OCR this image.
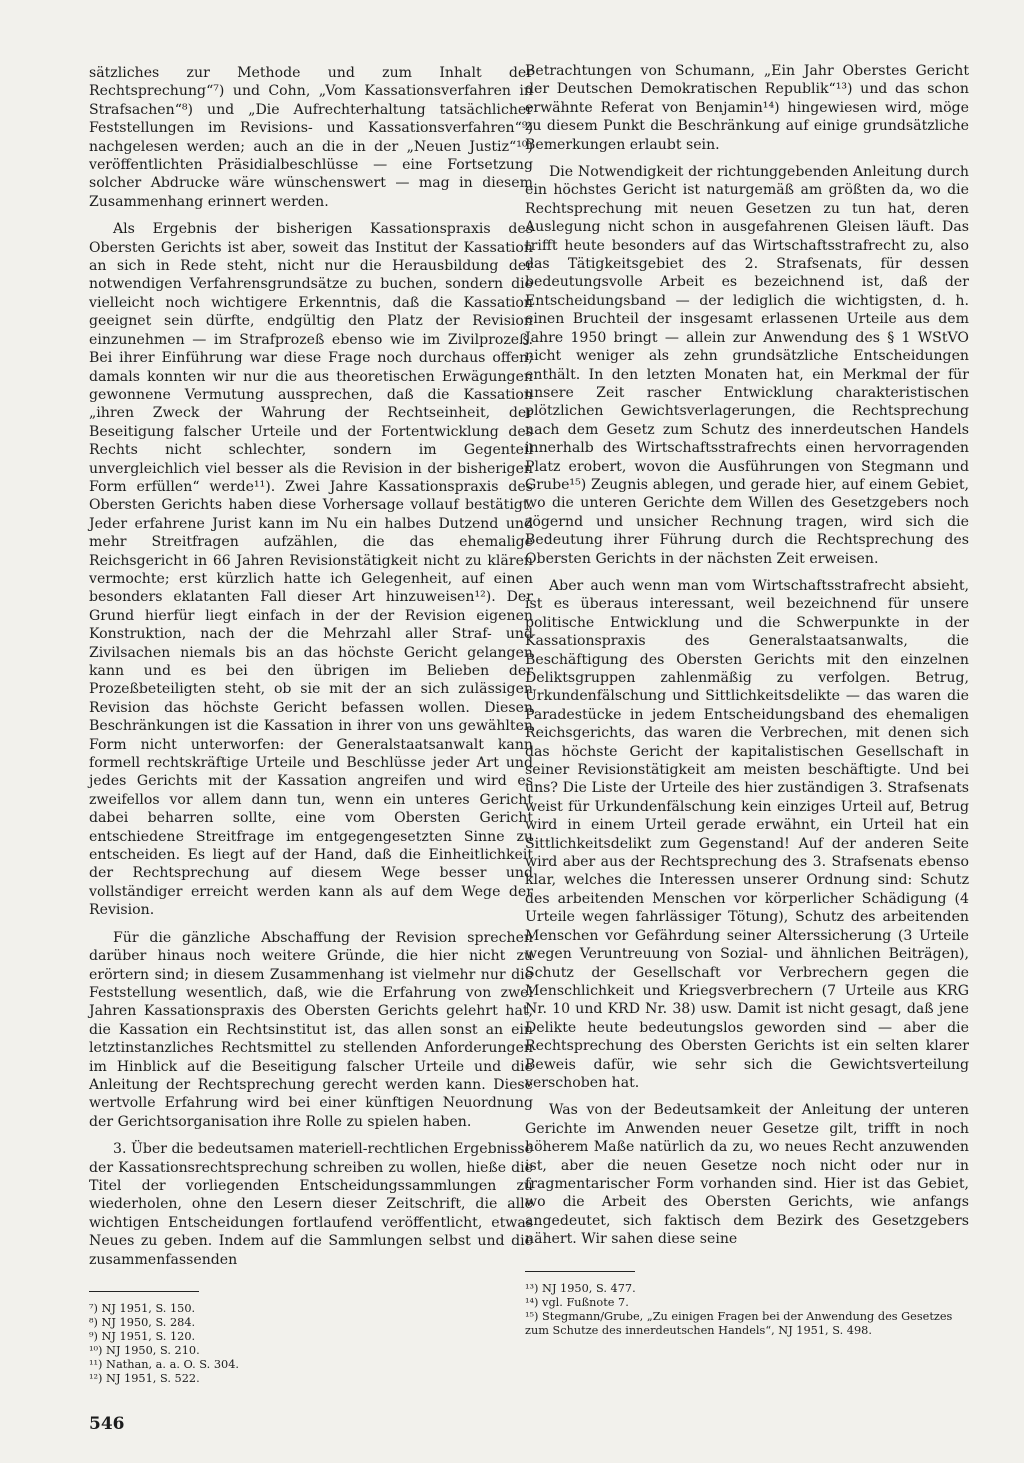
sätzliches zur Methode und zum Inhalt der Rechtsprechung“⁷) und Cohn, „Vom Kassationsverfahren in Strafsachen“⁸) und „Die Aufrechterhaltung tatsächlicher Feststellungen im Revisions- und Kassationsverfahren“⁹) nachgelesen werden; auch an die in der „Neuen Justiz“¹⁰) veröffentlichten Präsidialbeschlüsse — eine Fortsetzung solcher Abdrucke wäre wünschenswert — mag in diesem Zusammenhang erinnert werden.

Als Ergebnis der bisherigen Kassationspraxis des Obersten Gerichts ist aber, soweit das Institut der Kassation an sich in Rede steht, nicht nur die Herausbildung der notwendigen Verfahrensgrundsätze zu buchen, sondern die vielleicht noch wichtigere Erkenntnis, daß die Kassation geeignet sein dürfte, endgültig den Platz der Revision einzunehmen — im Strafprozeß ebenso wie im Zivilprozeß. Bei ihrer Einführung war diese Frage noch durchaus offen; damals konnten wir nur die aus theoretischen Erwägungen gewonnene Vermutung aussprechen, daß die Kassation „ihren Zweck der Wahrung der Rechtseinheit, der Beseitigung falscher Urteile und der Fortentwicklung des Rechts nicht schlechter, sondern im Gegenteil unvergleichlich viel besser als die Revision in der bisherigen Form erfüllen“ werde¹¹). Zwei Jahre Kassationspraxis des Obersten Gerichts haben diese Vorhersage vollauf bestätigt. Jeder erfahrene Jurist kann im Nu ein halbes Dutzend und mehr Streitfragen aufzählen, die das ehemalige Reichsgericht in 66 Jahren Revisionstätigkeit nicht zu klären vermochte; erst kürzlich hatte ich Gelegenheit, auf einen besonders eklatanten Fall dieser Art hinzuweisen¹²). Der Grund hierfür liegt einfach in der der Revision eigenen Konstruktion, nach der die Mehrzahl aller Straf- und Zivilsachen niemals bis an das höchste Gericht gelangen kann und es bei den übrigen im Belieben der Prozeßbeteiligten steht, ob sie mit der an sich zulässigen Revision das höchste Gericht befassen wollen. Diesen Beschränkungen ist die Kassation in ihrer von uns gewählten Form nicht unterworfen: der Generalstaatsanwalt kann formell rechtskräftige Urteile und Beschlüsse jeder Art und jedes Gerichts mit der Kassation angreifen und wird es zweifellos vor allem dann tun, wenn ein unteres Gericht dabei beharren sollte, eine vom Obersten Gericht entschiedene Streitfrage im entgegengesetzten Sinne zu entscheiden. Es liegt auf der Hand, daß die Einheitlichkeit der Rechtsprechung auf diesem Wege besser und vollständiger erreicht werden kann als auf dem Wege der Revision.

Für die gänzliche Abschaffung der Revision sprechen darüber hinaus noch weitere Gründe, die hier nicht zu erörtern sind; in diesem Zusammenhang ist vielmehr nur die Feststellung wesentlich, daß, wie die Erfahrung von zwei Jahren Kassationspraxis des Obersten Gerichts gelehrt hat, die Kassation ein Rechtsinstitut ist, das allen sonst an ein letztinstanzliches Rechtsmittel zu stellenden Anforderungen im Hinblick auf die Beseitigung falscher Urteile und die Anleitung der Rechtsprechung gerecht werden kann. Diese wertvolle Erfahrung wird bei einer künftigen Neuordnung der Gerichtsorganisation ihre Rolle zu spielen haben.

3. Über die bedeutsamen materiell-rechtlichen Ergebnisse der Kassationsrechtsprechung schreiben zu wollen, hieße die Titel der vorliegenden Entscheidungssammlungen zu wiederholen, ohne den Lesern dieser Zeitschrift, die alle wichtigen Entscheidungen fortlaufend veröffentlicht, etwas Neues zu geben. Indem auf die Sammlungen selbst und die zusammenfassenden

⁷) NJ 1951, S. 150.
⁸) NJ 1950, S. 284.
⁹) NJ 1951, S. 120.
¹⁰) NJ 1950, S. 210.
¹¹) Nathan, a. a. O. S. 304.
¹²) NJ 1951, S. 522.

Betrachtungen von Schumann, „Ein Jahr Oberstes Gericht der Deutschen Demokratischen Republik“¹³) und das schon erwähnte Referat von Benjamin¹⁴) hingewiesen wird, möge zu diesem Punkt die Beschränkung auf einige grundsätzliche Bemerkungen erlaubt sein.

Die Notwendigkeit der richtunggebenden Anleitung durch ein höchstes Gericht ist naturgemäß am größten da, wo die Rechtsprechung mit neuen Gesetzen zu tun hat, deren Auslegung nicht schon in ausgefahrenen Gleisen läuft. Das trifft heute besonders auf das Wirtschaftsstrafrecht zu, also das Tätigkeitsgebiet des 2. Strafsenats, für dessen bedeutungsvolle Arbeit es bezeichnend ist, daß der Entscheidungsband — der lediglich die wichtigsten, d. h. einen Bruchteil der insgesamt erlassenen Urteile aus dem Jahre 1950 bringt — allein zur Anwendung des § 1 WStVO nicht weniger als zehn grundsätzliche Entscheidungen enthält. In den letzten Monaten hat, ein Merkmal der für unsere Zeit rascher Entwicklung charakteristischen plötzlichen Gewichtsverlagerungen, die Rechtsprechung nach dem Gesetz zum Schutz des innerdeutschen Handels innerhalb des Wirtschaftsstrafrechts einen hervorragenden Platz erobert, wovon die Ausführungen von Stegmann und Grube¹⁵) Zeugnis ablegen, und gerade hier, auf einem Gebiet, wo die unteren Gerichte dem Willen des Gesetzgebers noch zögernd und unsicher Rechnung tragen, wird sich die Bedeutung ihrer Führung durch die Rechtsprechung des Obersten Gerichts in der nächsten Zeit erweisen.

Aber auch wenn man vom Wirtschaftsstrafrecht absieht, ist es überaus interessant, weil bezeichnend für unsere politische Entwicklung und die Schwerpunkte in der Kassationspraxis des Generalstaatsanwalts, die Beschäftigung des Obersten Gerichts mit den einzelnen Deliktsgruppen zahlenmäßig zu verfolgen. Betrug, Urkundenfälschung und Sittlichkeitsdelikte — das waren die Paradestücke in jedem Entscheidungsband des ehemaligen Reichsgerichts, das waren die Verbrechen, mit denen sich das höchste Gericht der kapitalistischen Gesellschaft in seiner Revisionstätigkeit am meisten beschäftigte. Und bei uns? Die Liste der Urteile des hier zuständigen 3. Strafsenats weist für Urkundenfälschung kein einziges Urteil auf, Betrug wird in einem Urteil gerade erwähnt, ein Urteil hat ein Sittlichkeitsdelikt zum Gegenstand! Auf der anderen Seite wird aber aus der Rechtsprechung des 3. Strafsenats ebenso klar, welches die Interessen unserer Ordnung sind: Schutz des arbeitenden Menschen vor körperlicher Schädigung (4 Urteile wegen fahrlässiger Tötung), Schutz des arbeitenden Menschen vor Gefährdung seiner Alterssicherung (3 Urteile wegen Veruntreuung von Sozial- und ähnlichen Beiträgen), Schutz der Gesellschaft vor Verbrechern gegen die Menschlichkeit und Kriegsverbrechern (7 Urteile aus KRG Nr. 10 und KRD Nr. 38) usw. Damit ist nicht gesagt, daß jene Delikte heute bedeutungslos geworden sind — aber die Rechtsprechung des Obersten Gerichts ist ein selten klarer Beweis dafür, wie sehr sich die Gewichtsverteilung verschoben hat.

Was von der Bedeutsamkeit der Anleitung der unteren Gerichte im Anwenden neuer Gesetze gilt, trifft in noch höherem Maße natürlich da zu, wo neues Recht anzuwenden ist, aber die neuen Gesetze noch nicht oder nur in fragmentarischer Form vorhanden sind. Hier ist das Gebiet, wo die Arbeit des Obersten Gerichts, wie anfangs angedeutet, sich faktisch dem Bezirk des Gesetzgebers nähert. Wir sahen diese seine

¹³) NJ 1950, S. 477.
¹⁴) vgl. Fußnote 7.
¹⁵) Stegmann/Grube, „Zu einigen Fragen bei der Anwendung des Gesetzes zum Schutze des innerdeutschen Handels“, NJ 1951, S. 498.
546
